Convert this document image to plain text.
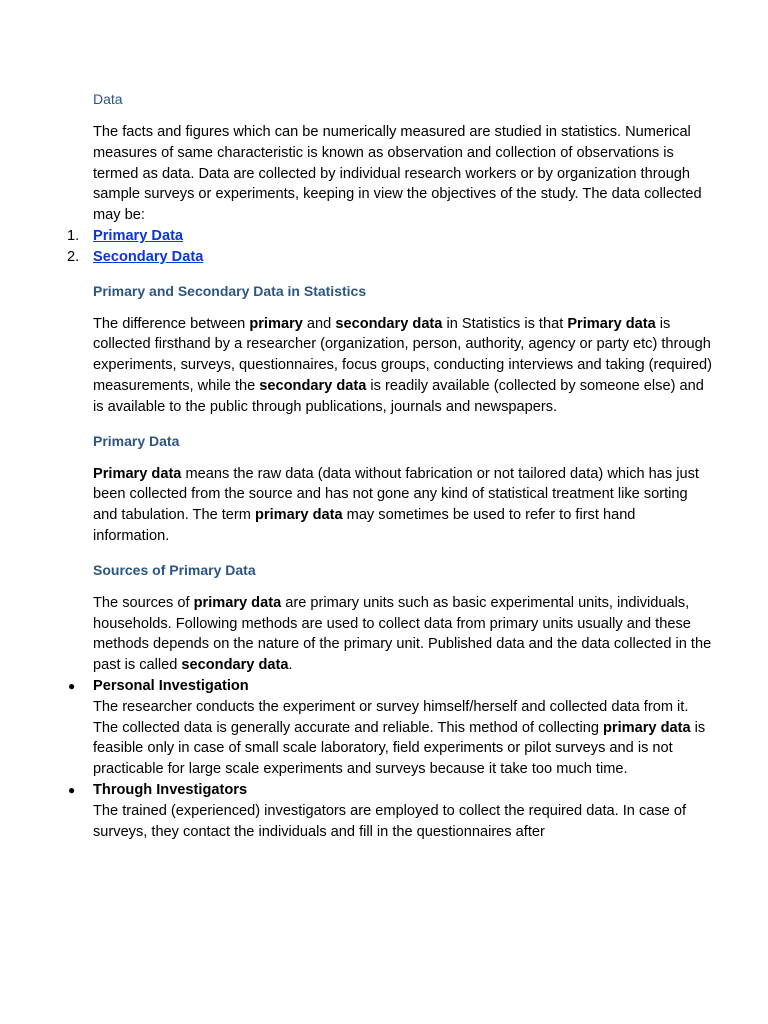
Data

The facts and figures which can be numerically measured are studied in statistics. Numerical measures of same characteristic is known as observation and collection of observations is termed as data. Data are collected by individual research workers or by organization through sample surveys or experiments, keeping in view the objectives of the study. The data collected may be:

1. Primary Data
2. Secondary Data
Primary and Secondary Data in Statistics

The difference between primary and secondary data in Statistics is that Primary data is collected firsthand by a researcher (organization, person, authority, agency or party etc) through experiments, surveys, questionnaires, focus groups, conducting interviews and taking (required) measurements, while the secondary data is readily available (collected by someone else) and is available to the public through publications, journals and newspapers.

Primary Data

Primary data means the raw data (data without fabrication or not tailored data) which has just been collected from the source and has not gone any kind of statistical treatment like sorting and tabulation. The term primary data may sometimes be used to refer to first hand information.

Sources of Primary Data

The sources of primary data are primary units such as basic experimental units, individuals, households. Following methods are used to collect data from primary units usually and these methods depends on the nature of the primary unit. Published data and the data collected in the past is called secondary data.

● Personal Investigation
The researcher conducts the experiment or survey himself/herself and collected data from it. The collected data is generally accurate and reliable. This method of collecting primary data is feasible only in case of small scale laboratory, field experiments or pilot surveys and is not practicable for large scale experiments and surveys because it take too much time.
● Through Investigators
The trained (experienced) investigators are employed to collect the required data. In case of surveys, they contact the individuals and fill in the questionnaires after
